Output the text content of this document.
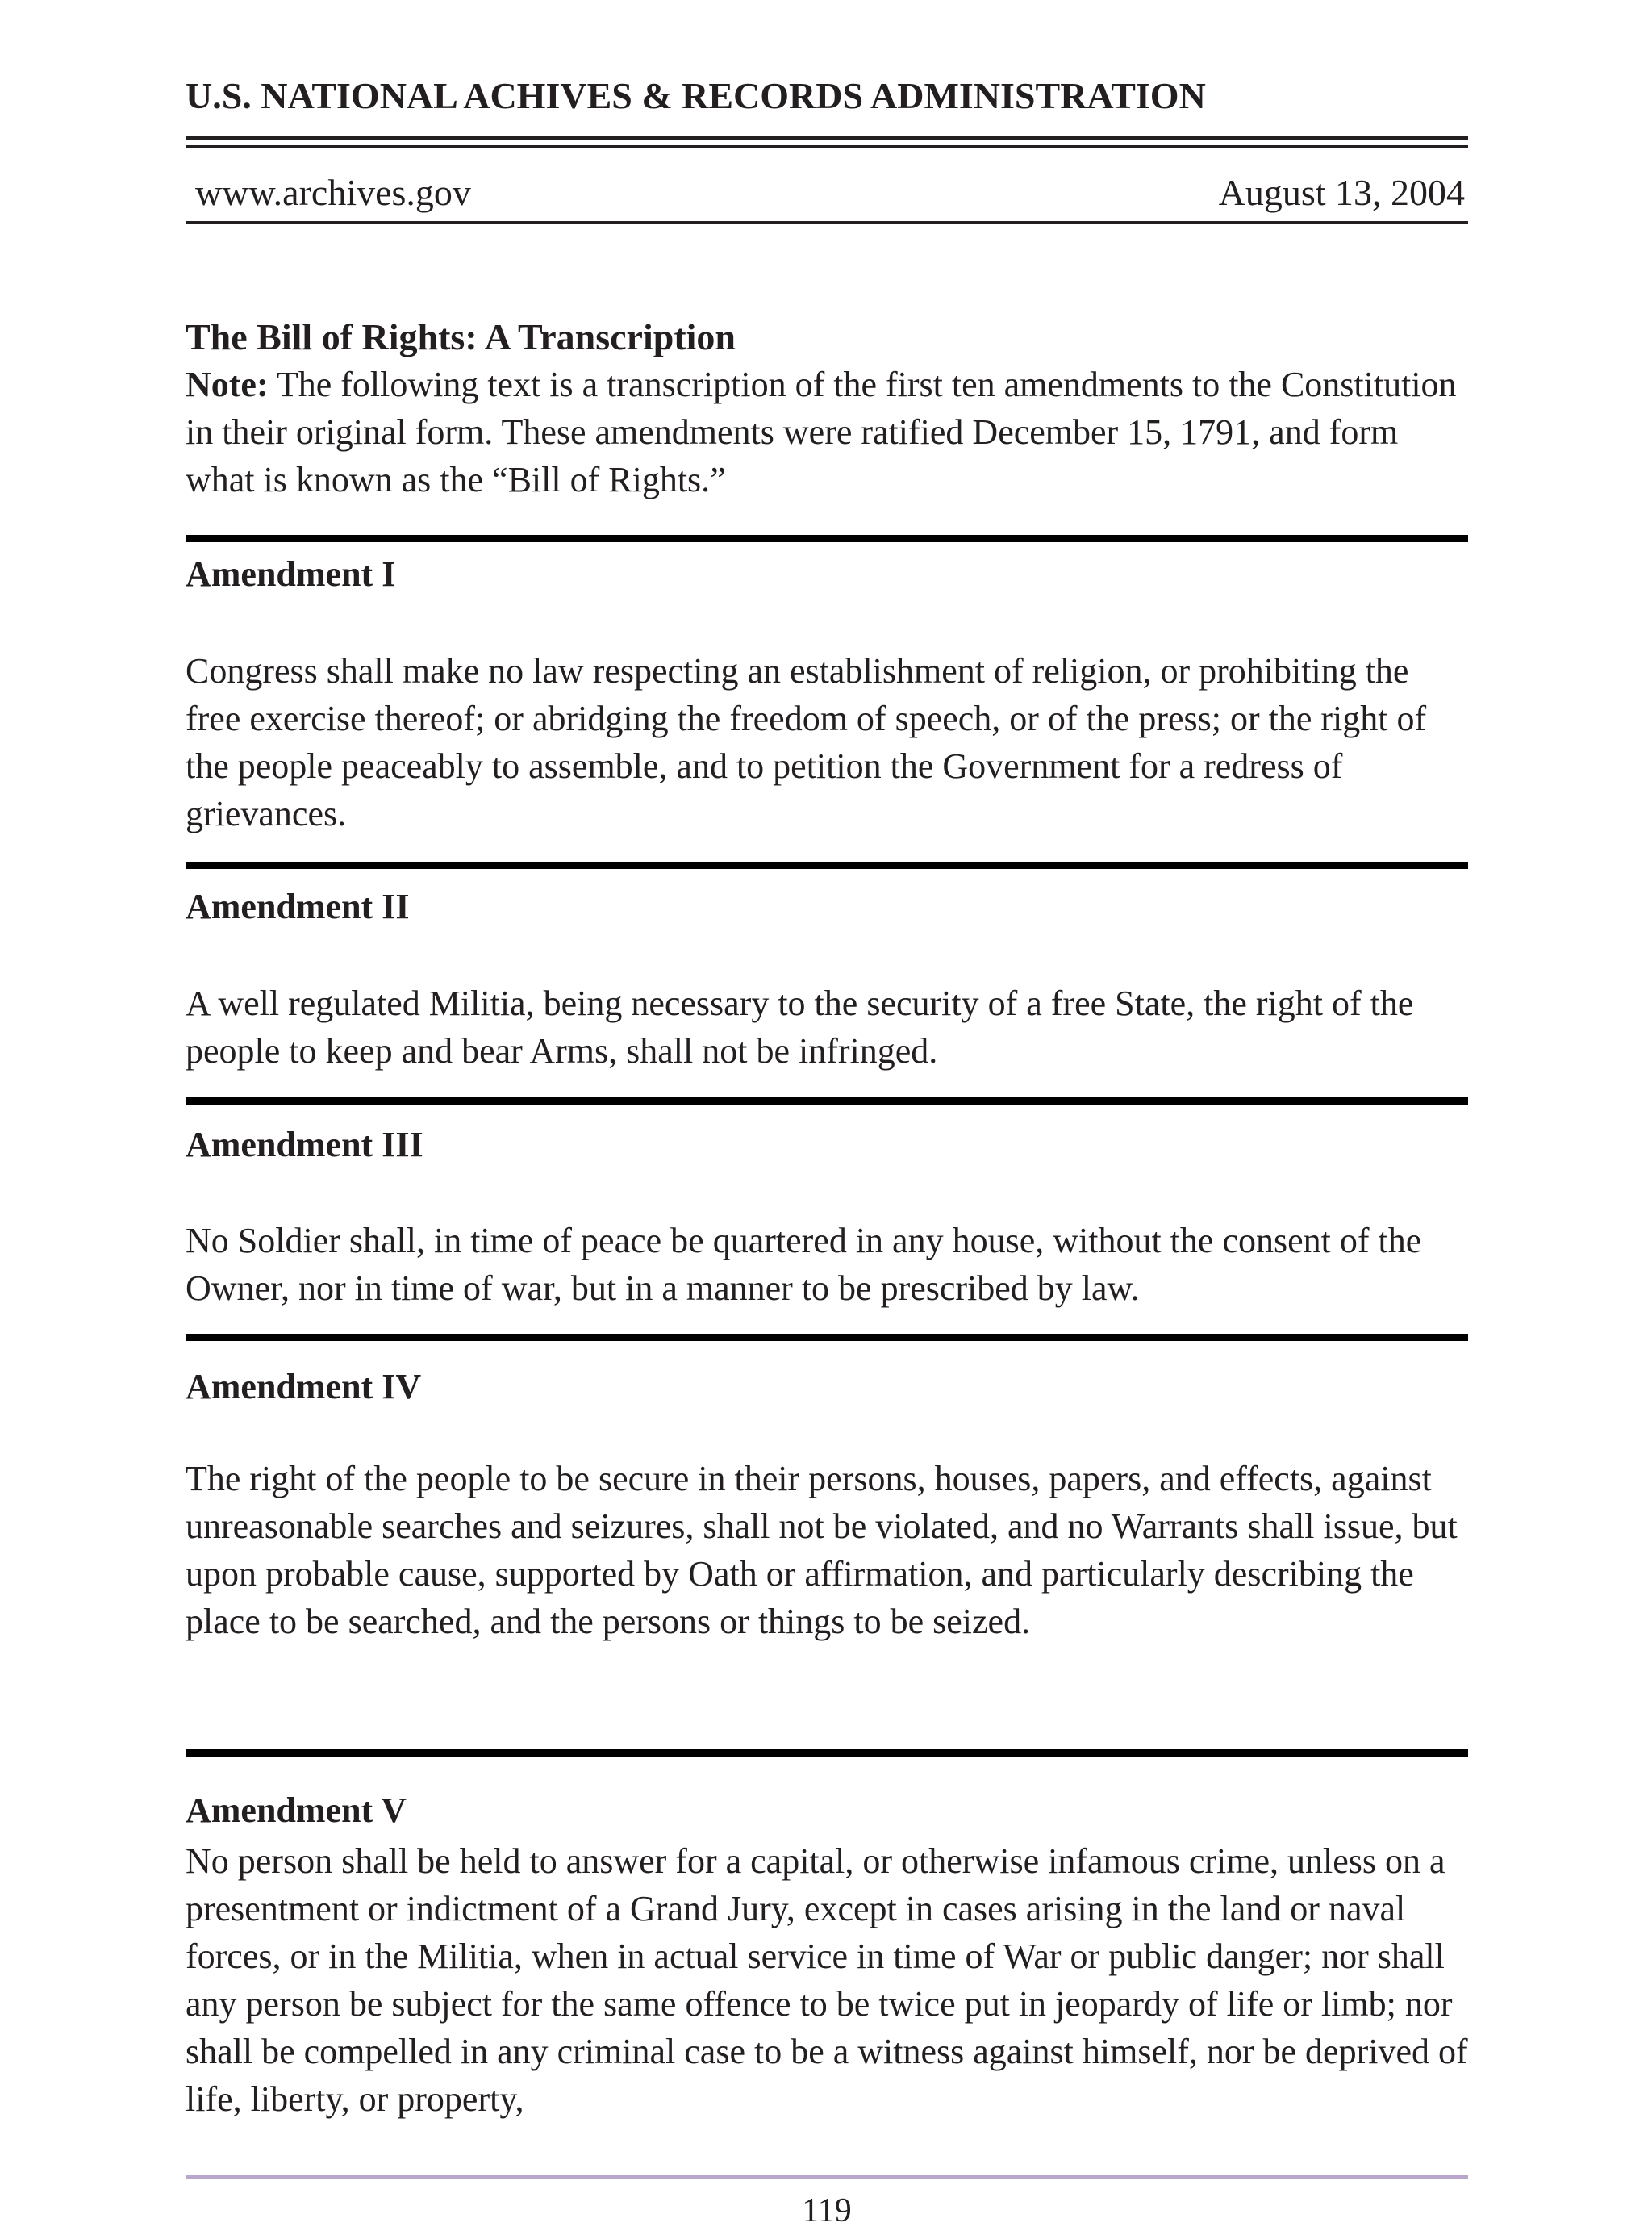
U.S. NATIONAL ACHIVES & RECORDS ADMINISTRATION
www.archives.gov	August 13, 2004
The Bill of Rights: A Transcription
Note: The following text is a transcription of the first ten amendments to the Constitution in their original form. These amendments were ratified December 15, 1791, and form what is known as the “Bill of Rights.”
Amendment I
Congress shall make no law respecting an establishment of religion, or prohibiting the free exercise thereof; or abridging the freedom of speech, or of the press; or the right of the people peaceably to assemble, and to petition the Government for a redress of grievances.
Amendment II
A well regulated Militia, being necessary to the security of a free State, the right of the people to keep and bear Arms, shall not be infringed.
Amendment III
No Soldier shall, in time of peace be quartered in any house, without the consent of the Owner, nor in time of war, but in a manner to be prescribed by law.
Amendment IV
The right of the people to be secure in their persons, houses, papers, and effects, against unreasonable searches and seizures, shall not be violated, and no Warrants shall issue, but upon probable cause, supported by Oath or affirmation, and particularly describing the place to be searched, and the persons or things to be seized.
Amendment V
No person shall be held to answer for a capital, or otherwise infamous crime, unless on a presentment or indictment of a Grand Jury, except in cases arising in the land or naval forces, or in the Militia, when in actual service in time of War or public danger; nor shall any person be subject for the same offence to be twice put in jeopardy of life or limb; nor shall be compelled in any criminal case to be a witness against himself, nor be deprived of life, liberty, or property,
119
